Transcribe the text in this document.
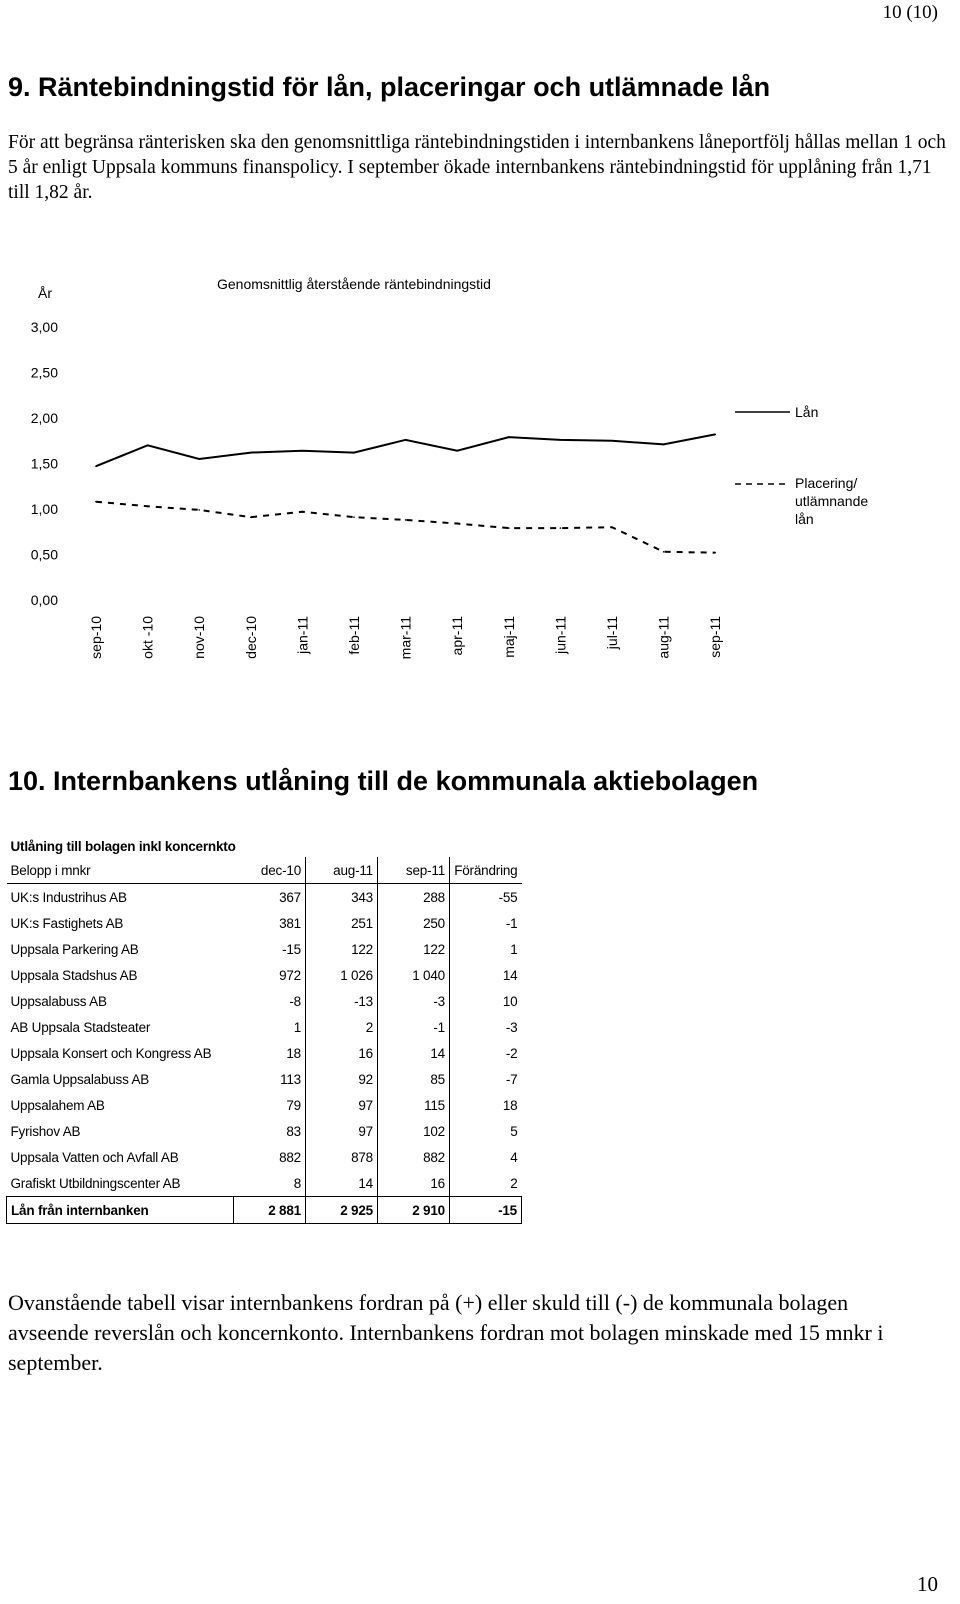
10 (10)
9. Räntebindningstid för lån, placeringar och utlämnade lån

För att begränsa ränterisken ska den genomsnittliga räntebindningstiden i internbankens låneportfölj hållas mellan 1 och 5 år enligt Uppsala kommuns finanspolicy. I september ökade internbankens räntebindningstid för upplåning från 1,71 till 1,82 år.

År
Genomsnittlig återstående räntebindningstid
3,00
2,50
2,00
1,50
1,00
0,50
0,00
sep-10	okt -10	nov-10	dec-10	jan-11	feb-11	mar-11	apr-11	maj-11	jun-11	jul-11	aug-11	sep-11
Lån
Placering/ utlämnande lån
10. Internbankens utlåning till de kommunala aktiebolagen
Utlåning till bolagen inkl koncernkto				
Belopp i mnkr	dec-10	aug-11	sep-11	Förändring
UK:s Industrihus AB	367	343	288	-55
UK:s Fastighets AB	381	251	250	-1
Uppsala Parkering AB	-15	122	122	1
Uppsala Stadshus AB	972	1 026	1 040	14
Uppsalabuss AB	-8	-13	-3	10
AB Uppsala Stadsteater	1	2	-1	-3
Uppsala Konsert och Kongress AB	18	16	14	-2
Gamla Uppsalabuss AB	113	92	85	-7
Uppsalahem AB	79	97	115	18
Fyrishov AB	83	97	102	5
Uppsala Vatten och Avfall AB	882	878	882	4
Grafiskt Utbildningscenter AB	8	14	16	2
Lån från internbanken	2 881	2 925	2 910	-15

Ovanstående tabell visar internbankens fordran på (+) eller skuld till (-) de kommunala bolagen avseende reverslån och koncernkonto. Internbankens fordran mot bolagen minskade med 15 mnkr i september.

10
